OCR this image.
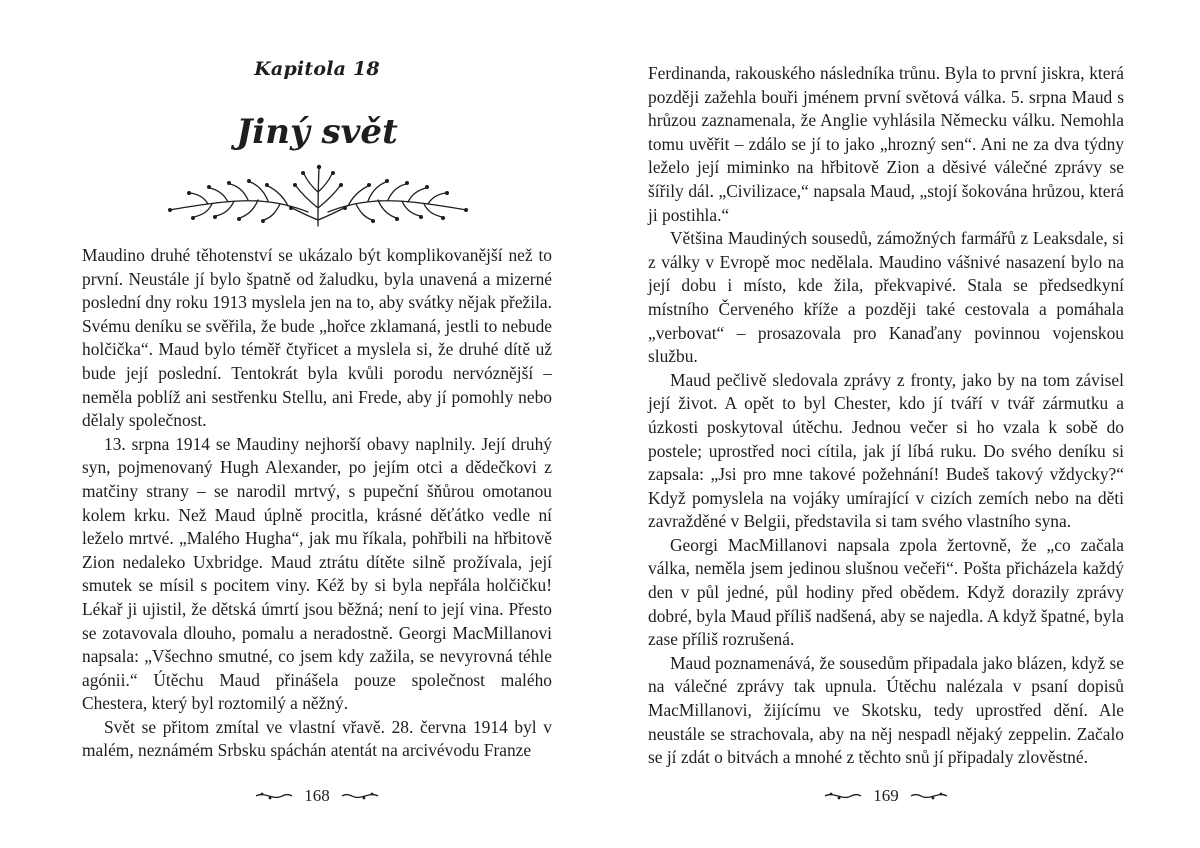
Kapitola 18
Jiný svět

Maudino druhé těhotenství se ukázalo být komplikovanější než to první. Neustále jí bylo špatně od žaludku, byla unavená a mizerné poslední dny roku 1913 myslela jen na to, aby svátky nějak přežila. Svému deníku se svěřila, že bude „hořce zklamaná, jestli to nebude holčička“. Maud bylo téměř čtyřicet a myslela si, že druhé dítě už bude její poslední. Tentokrát byla kvůli porodu nervóznější – neměla poblíž ani sestřenku Stellu, ani Frede, aby jí pomohly nebo dělaly společnost.

13. srpna 1914 se Maudiny nejhorší obavy naplnily. Její druhý syn, pojmenovaný Hugh Alexander, po jejím otci a dědečkovi z matčiny strany – se narodil mrtvý, s pupeční šňůrou omotanou kolem krku. Než Maud úplně procitla, krásné děťátko vedle ní leželo mrtvé. „Malého Hugha“, jak mu říkala, pohřbili na hřbitově Zion nedaleko Uxbridge. Maud ztrátu dítěte silně prožívala, její smutek se mísil s pocitem viny. Kéž by si byla nepřála holčičku! Lékař ji ujistil, že dětská úmrtí jsou běžná; není to její vina. Přesto se zotavovala dlouho, pomalu a neradostně. Georgi MacMillanovi napsala: „Všechno smutné, co jsem kdy zažila, se nevyrovná téhle agónii.“ Útěchu Maud přinášela pouze společnost malého Chestera, který byl roztomilý a něžný.

Svět se přitom zmítal ve vlastní vřavě. 28. června 1914 byl v malém, neznámém Srbsku spáchán atentát na arcivévodu Franze

168

Ferdinanda, rakouského následníka trůnu. Byla to první jiskra, která později zažehla bouři jménem první světová válka. 5. srpna Maud s hrůzou zaznamenala, že Anglie vyhlásila Německu válku. Nemohla tomu uvěřit – zdálo se jí to jako „hrozný sen“. Ani ne za dva týdny leželo její miminko na hřbitově Zion a děsivé válečné zprávy se šířily dál. „Civilizace,“ napsala Maud, „stojí šokována hrůzou, která ji postihla.“

Většina Maudiných sousedů, zámožných farmářů z Leaksdale, si z války v Evropě moc nedělala. Maudino vášnivé nasazení bylo na její dobu i místo, kde žila, překvapivé. Stala se předsedkyní místního Červeného kříže a později také cestovala a pomáhala „verbovat“ – prosazovala pro Kanaďany povinnou vojenskou službu.

Maud pečlivě sledovala zprávy z fronty, jako by na tom závisel její život. A opět to byl Chester, kdo jí tváří v tvář zármutku a úzkosti poskytoval útěchu. Jednou večer si ho vzala k sobě do postele; uprostřed noci cítila, jak jí líbá ruku. Do svého deníku si zapsala: „Jsi pro mne takové požehnání! Budeš takový vždycky?“ Když pomyslela na vojáky umírající v cizích zemích nebo na děti zavražděné v Belgii, představila si tam svého vlastního syna.

Georgi MacMillanovi napsala zpola žertovně, že „co začala válka, neměla jsem jedinou slušnou večeři“. Pošta přicházela každý den v půl jedné, půl hodiny před obědem. Když dorazily zprávy dobré, byla Maud příliš nadšená, aby se najedla. A když špatné, byla zase příliš rozrušená.

Maud poznamenává, že sousedům připadala jako blázen, když se na válečné zprávy tak upnula. Útěchu nalézala v psaní dopisů MacMillanovi, žijícímu ve Skotsku, tedy uprostřed dění. Ale neustále se strachovala, aby na něj nespadl nějaký zeppelin. Začalo se jí zdát o bitvách a mnohé z těchto snů jí připadaly zlověstné.

169
